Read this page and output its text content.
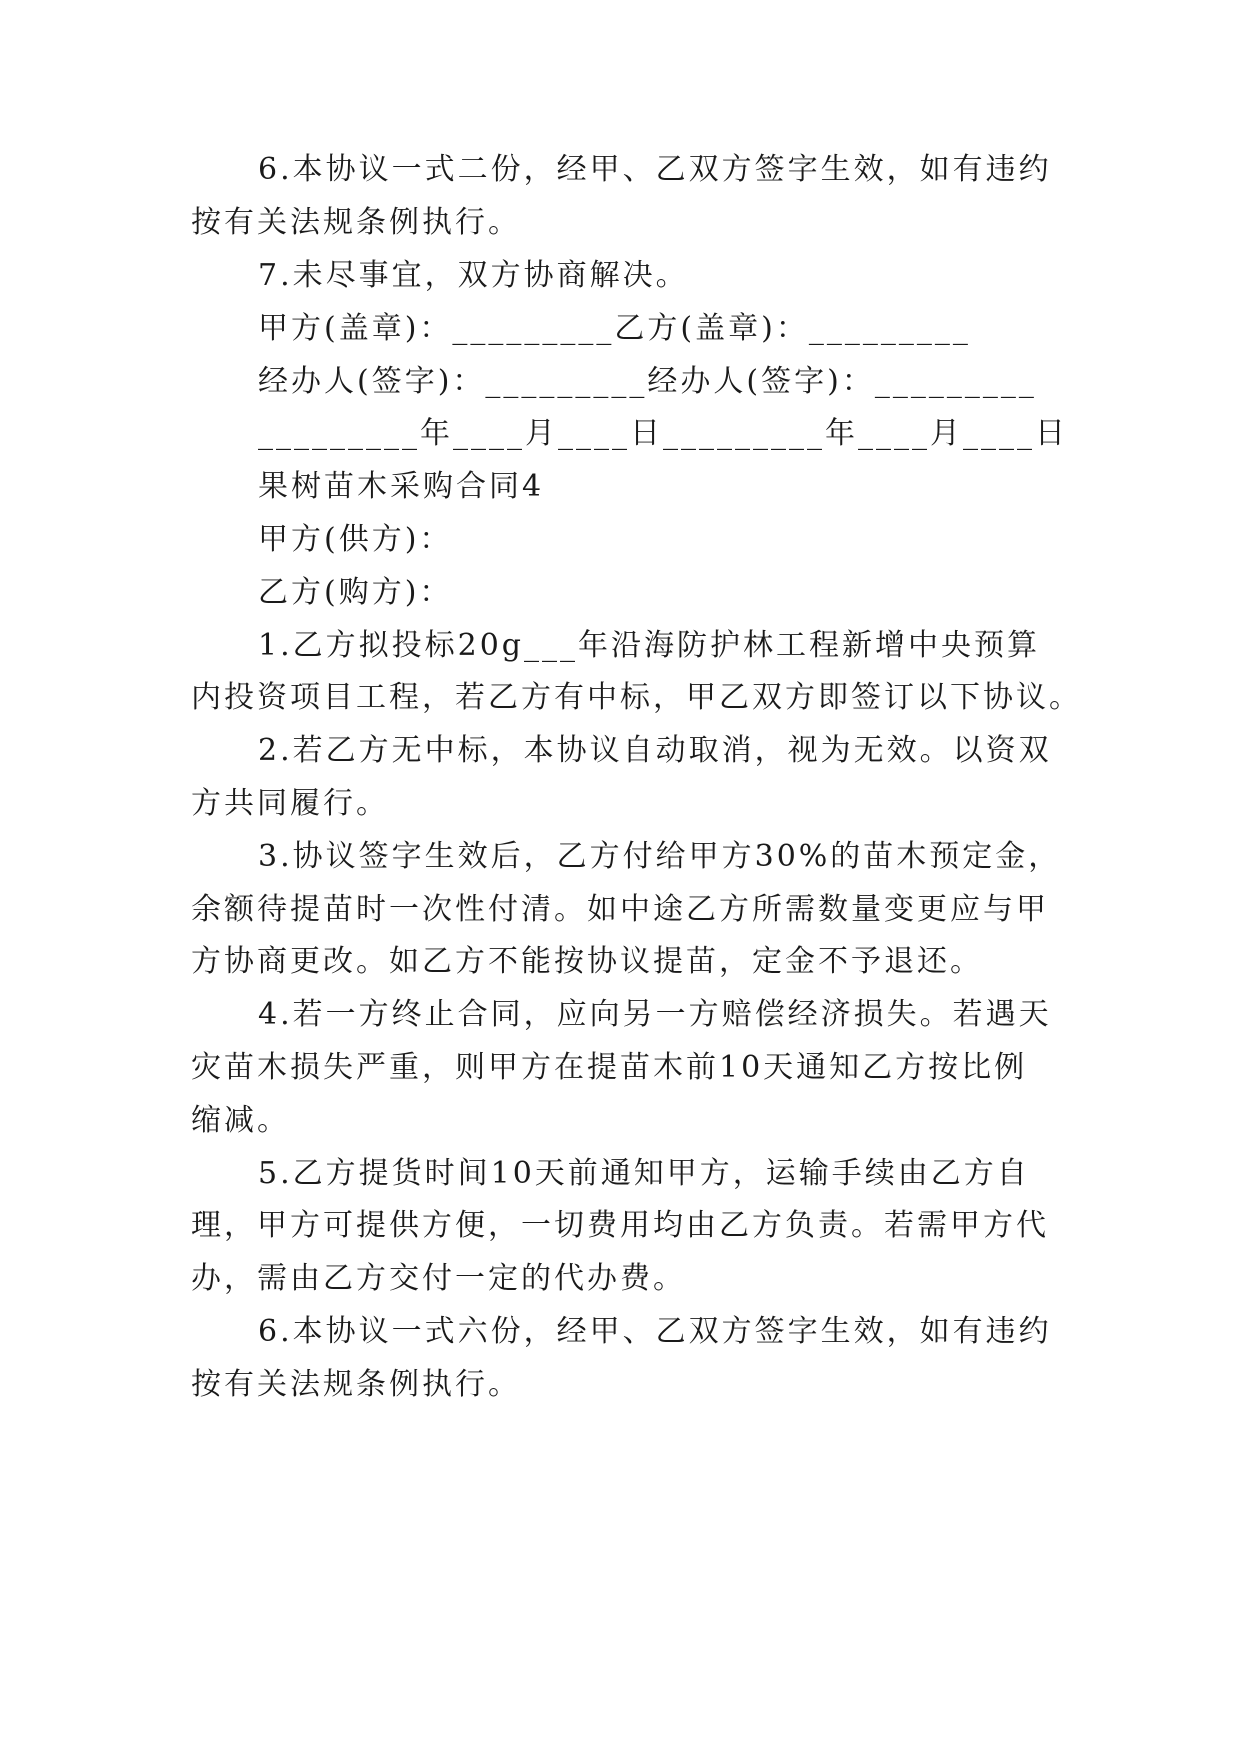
6.本协议一式二份，经甲、乙双方签字生效，如有违约
按有关法规条例执行。
7.未尽事宜，双方协商解决。
甲方(盖章)：_________乙方(盖章)：_________
经办人(签字)：_________经办人(签字)：_________
_________年____月____日_________年____月____日
果树苗木采购合同4
甲方(供方)：
乙方(购方)：
1.乙方拟投标20g___年沿海防护林工程新增中央预算
内投资项目工程，若乙方有中标，甲乙双方即签订以下协议。
2.若乙方无中标，本协议自动取消，视为无效。以资双
方共同履行。
3.协议签字生效后，乙方付给甲方30%的苗木预定金，
余额待提苗时一次性付清。如中途乙方所需数量变更应与甲
方协商更改。如乙方不能按协议提苗，定金不予退还。
4.若一方终止合同，应向另一方赔偿经济损失。若遇天
灾苗木损失严重，则甲方在提苗木前10天通知乙方按比例
缩减。
5.乙方提货时间10天前通知甲方，运输手续由乙方自
理，甲方可提供方便，一切费用均由乙方负责。若需甲方代
办，需由乙方交付一定的代办费。
6.本协议一式六份，经甲、乙双方签字生效，如有违约
按有关法规条例执行。
